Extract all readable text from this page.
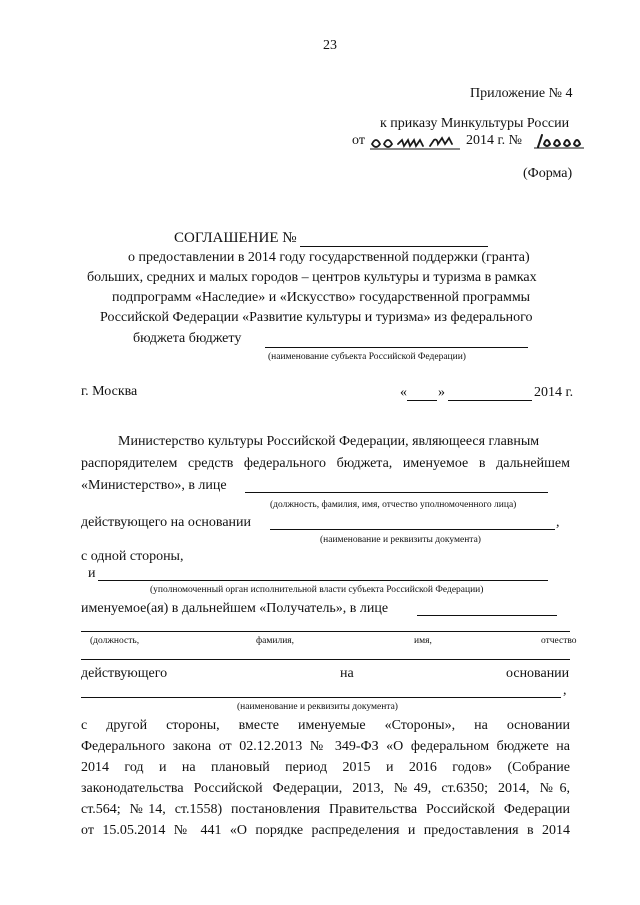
23
Приложение № 4
к приказу Минкультуры России
от	2014 г. №
(Форма)
СОГЛАШЕНИЕ №
о предоставлении в 2014 году государственной поддержки (гранта)
больших, средних и малых городов – центров культуры и туризма в рамках
подпрограмм «Наследие» и «Искусство» государственной программы
Российской Федерации «Развитие культуры и туризма» из федерального
бюджета бюджету
(наименование субъекта Российской Федерации)
г. Москва	« »	2014 г.
Министерство культуры Российской Федерации, являющееся главным
распорядителем средств федерального бюджета, именуемое в дальнейшем
«Министерство», в лице
(должность, фамилия, имя, отчество уполномоченного лица)
действующего на основании	,
(наименование и реквизиты документа)
с одной стороны,
и
(уполномоченный орган исполнительной власти субъекта Российской Федерации)
именуемое(ая) в дальнейшем «Получатель», в лице
(должность,	фамилия,	имя,	отчество
действующего	на	основании
,
(наименование и реквизиты документа)
с другой стороны, вместе именуемые «Стороны», на основании
Федерального закона от 02.12.2013 № 349-ФЗ «О федеральном бюджете на
2014 год и на плановый период 2015 и 2016 годов» (Собрание
законодательства Российской Федерации, 2013, №49, ст.6350; 2014, №6,
ст.564; №14, ст.1558) постановления Правительства Российской Федерации
от 15.05.2014 № 441 «О порядке распределения и предоставления в 2014
